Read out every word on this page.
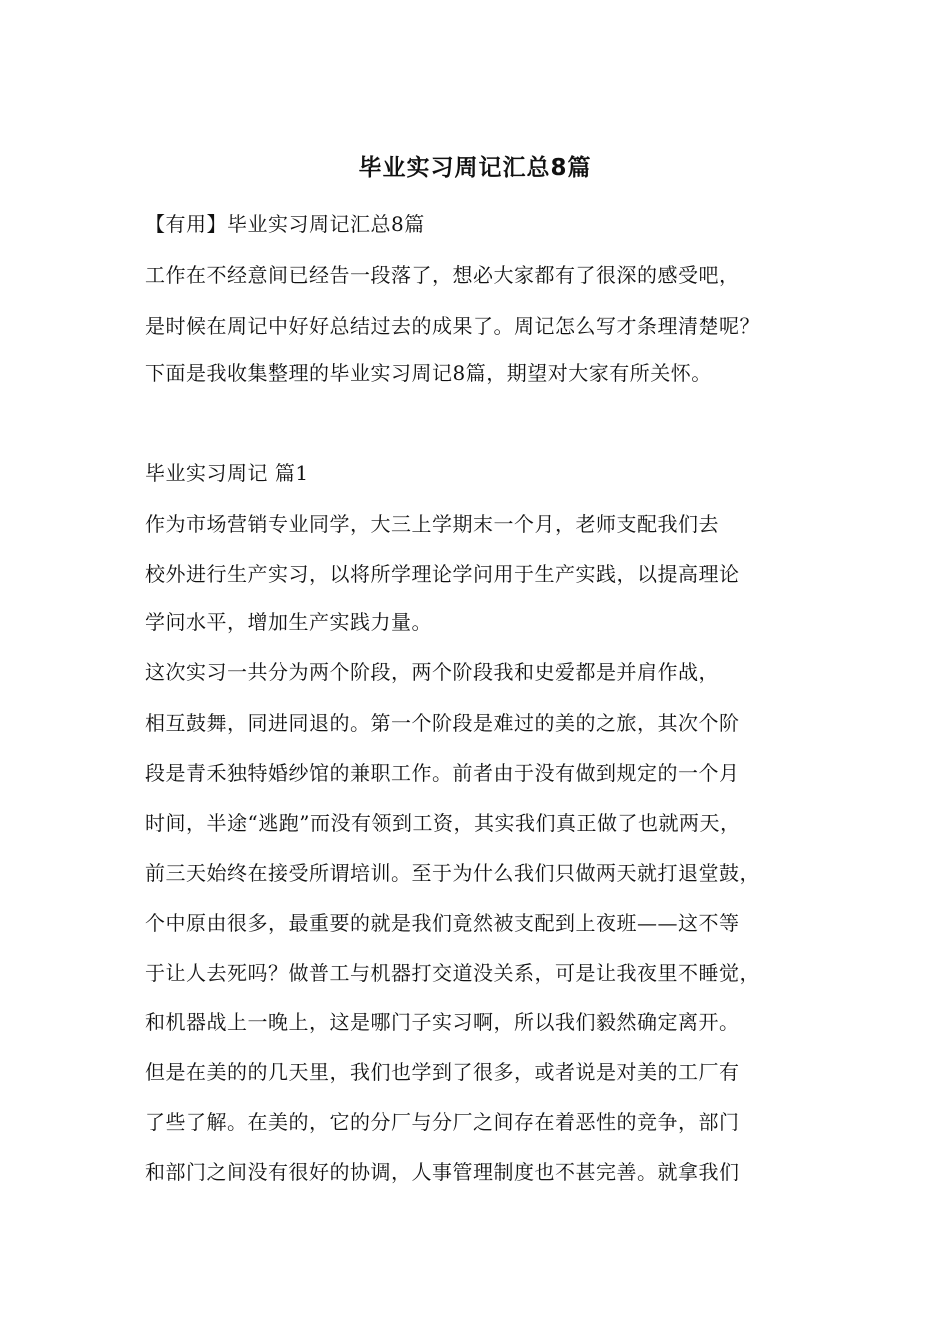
毕业实习周记汇总8篇
【有用】毕业实习周记汇总8篇
工作在不经意间已经告一段落了，想必大家都有了很深的感受吧，
是时候在周记中好好总结过去的成果了。周记怎么写才条理清楚呢？
下面是我收集整理的毕业实习周记8篇，期望对大家有所关怀。
毕业实习周记 篇1
作为市场营销专业同学，大三上学期末一个月，老师支配我们去
校外进行生产实习，以将所学理论学问用于生产实践，以提高理论
学问水平，增加生产实践力量。
这次实习一共分为两个阶段，两个阶段我和史爱都是并肩作战，
相互鼓舞，同进同退的。第一个阶段是难过的美的之旅，其次个阶
段是青禾独特婚纱馆的兼职工作。前者由于没有做到规定的一个月
时间，半途“逃跑”而没有领到工资，其实我们真正做了也就两天，
前三天始终在接受所谓培训。至于为什么我们只做两天就打退堂鼓，
个中原由很多，最重要的就是我们竟然被支配到上夜班——这不等
于让人去死吗？做普工与机器打交道没关系，可是让我夜里不睡觉，
和机器战上一晚上，这是哪门子实习啊，所以我们毅然确定离开。
但是在美的的几天里，我们也学到了很多，或者说是对美的工厂有
了些了解。在美的，它的分厂与分厂之间存在着恶性的竞争，部门
和部门之间没有很好的协调，人事管理制度也不甚完善。就拿我们
